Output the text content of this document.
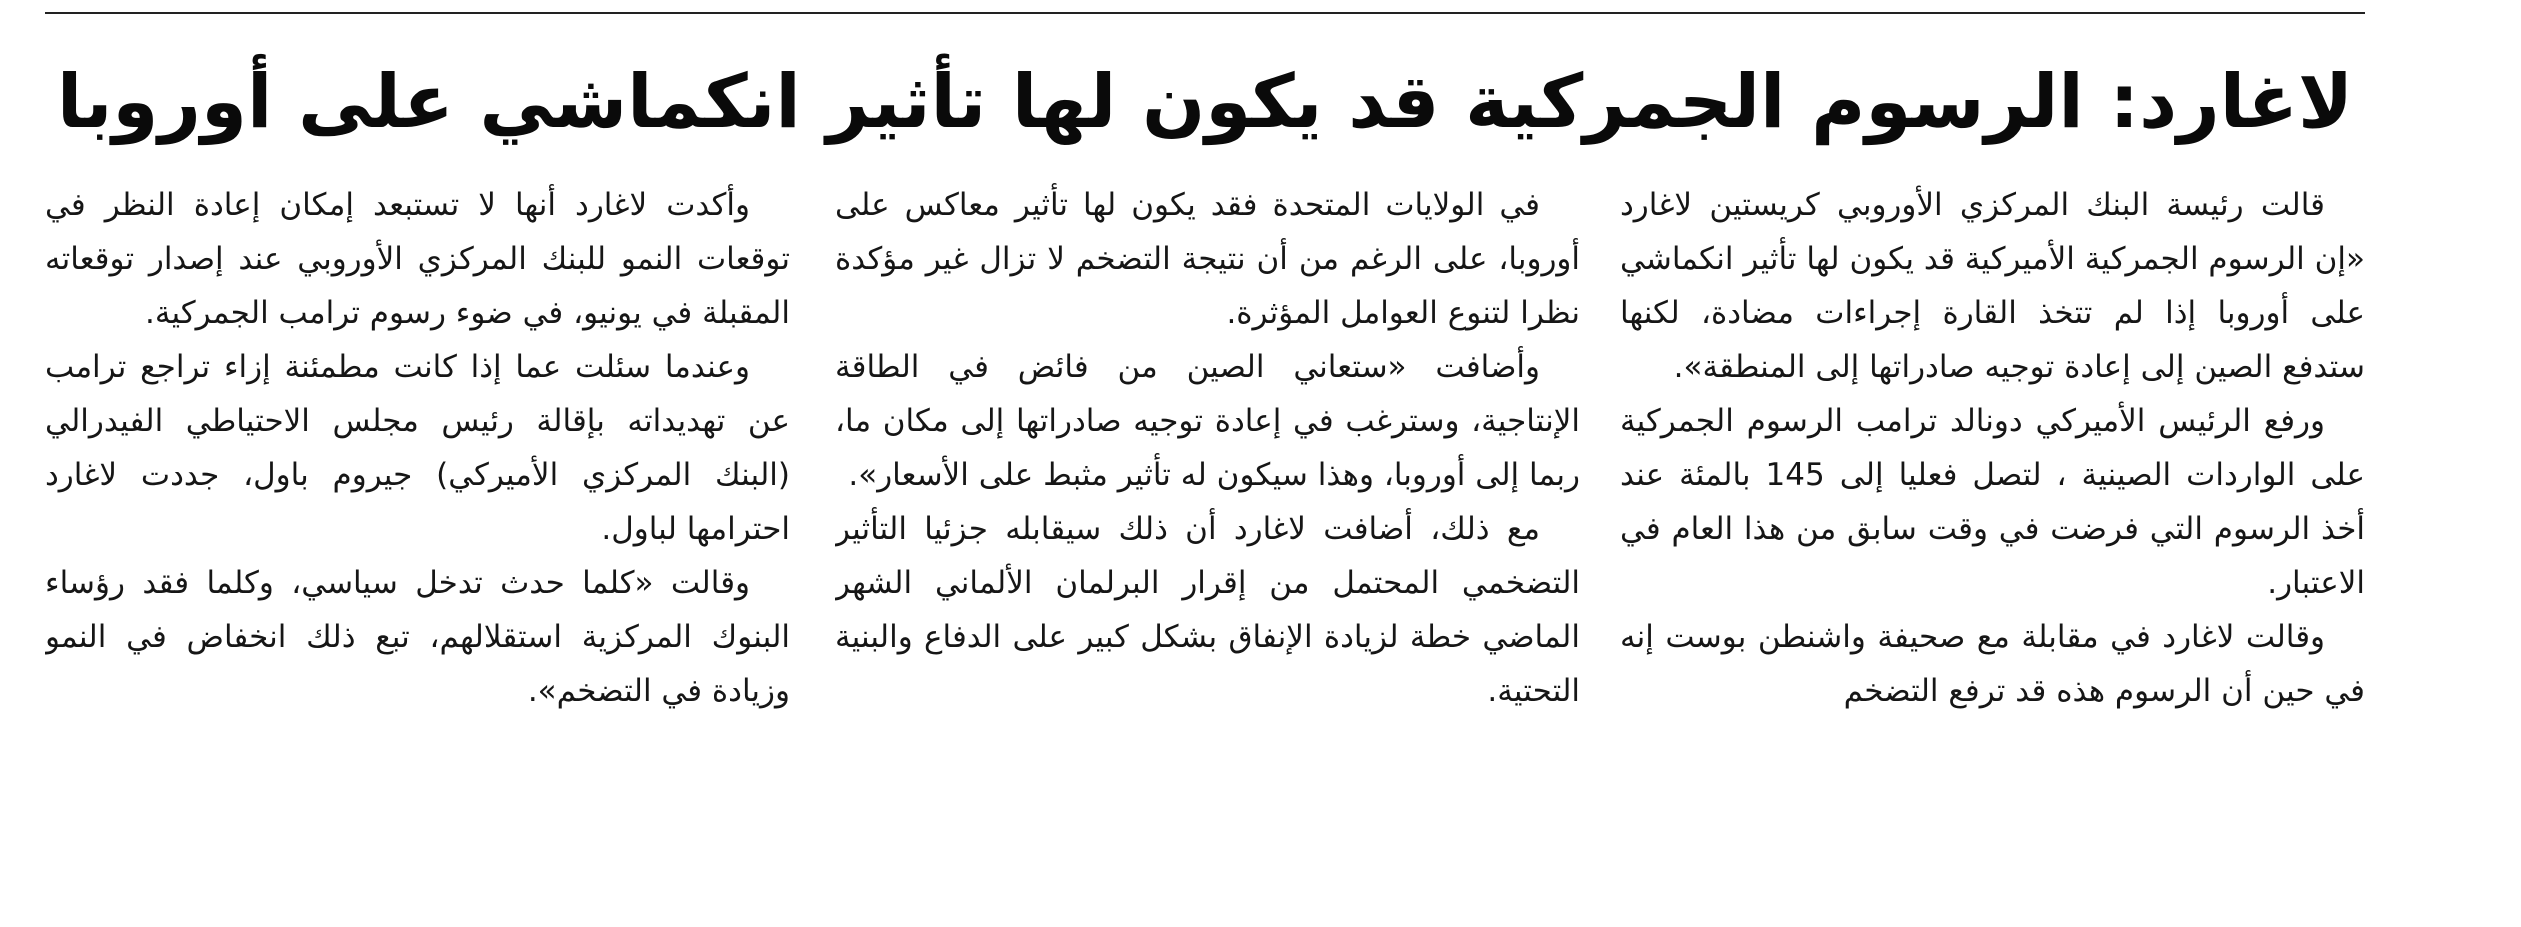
لاغارد: الرسوم الجمركية قد يكون لها تأثير انكماشي على أوروبا

قالت رئيسة البنك المركزي الأوروبي كريستين لاغارد «إن الرسوم الجمركية الأميركية قد يكون لها تأثير انكماشي على أوروبا إذا لم تتخذ القارة إجراءات مضادة، لكنها ستدفع الصين إلى إعادة توجيه صادراتها إلى المنطقة».

ورفع الرئيس الأميركي دونالد ترامب الرسوم الجمركية على الواردات الصينية ، لتصل فعليا إلى 145 بالمئة عند أخذ الرسوم التي فرضت في وقت سابق من هذا العام في الاعتبار.

وقالت لاغارد في مقابلة مع صحيفة واشنطن بوست إنه في حين أن الرسوم هذه قد ترفع التضخم

في الولايات المتحدة فقد يكون لها تأثير معاكس على أوروبا، على الرغم من أن نتيجة التضخم لا تزال غير مؤكدة نظرا لتنوع العوامل المؤثرة.

وأضافت «ستعاني الصين من فائض في الطاقة الإنتاجية، وسترغب في إعادة توجيه صادراتها إلى مكان ما، ربما إلى أوروبا، وهذا سيكون له تأثير مثبط على الأسعار».

مع ذلك، أضافت لاغارد أن ذلك سيقابله جزئيا التأثير التضخمي المحتمل من إقرار البرلمان الألماني الشهر الماضي خطة لزيادة الإنفاق بشكل كبير على الدفاع والبنية التحتية.

وأكدت لاغارد أنها لا تستبعد إمكان إعادة النظر في توقعات النمو للبنك المركزي الأوروبي عند إصدار توقعاته المقبلة في يونيو، في ضوء رسوم ترامب الجمركية.

وعندما سئلت عما إذا كانت مطمئنة إزاء تراجع ترامب عن تهديداته بإقالة رئيس مجلس الاحتياطي الفيدرالي (البنك المركزي الأميركي) جيروم باول، جددت لاغارد احترامها لباول.

وقالت «كلما حدث تدخل سياسي، وكلما فقد رؤساء البنوك المركزية استقلالهم، تبع ذلك انخفاض في النمو وزيادة في التضخم».
